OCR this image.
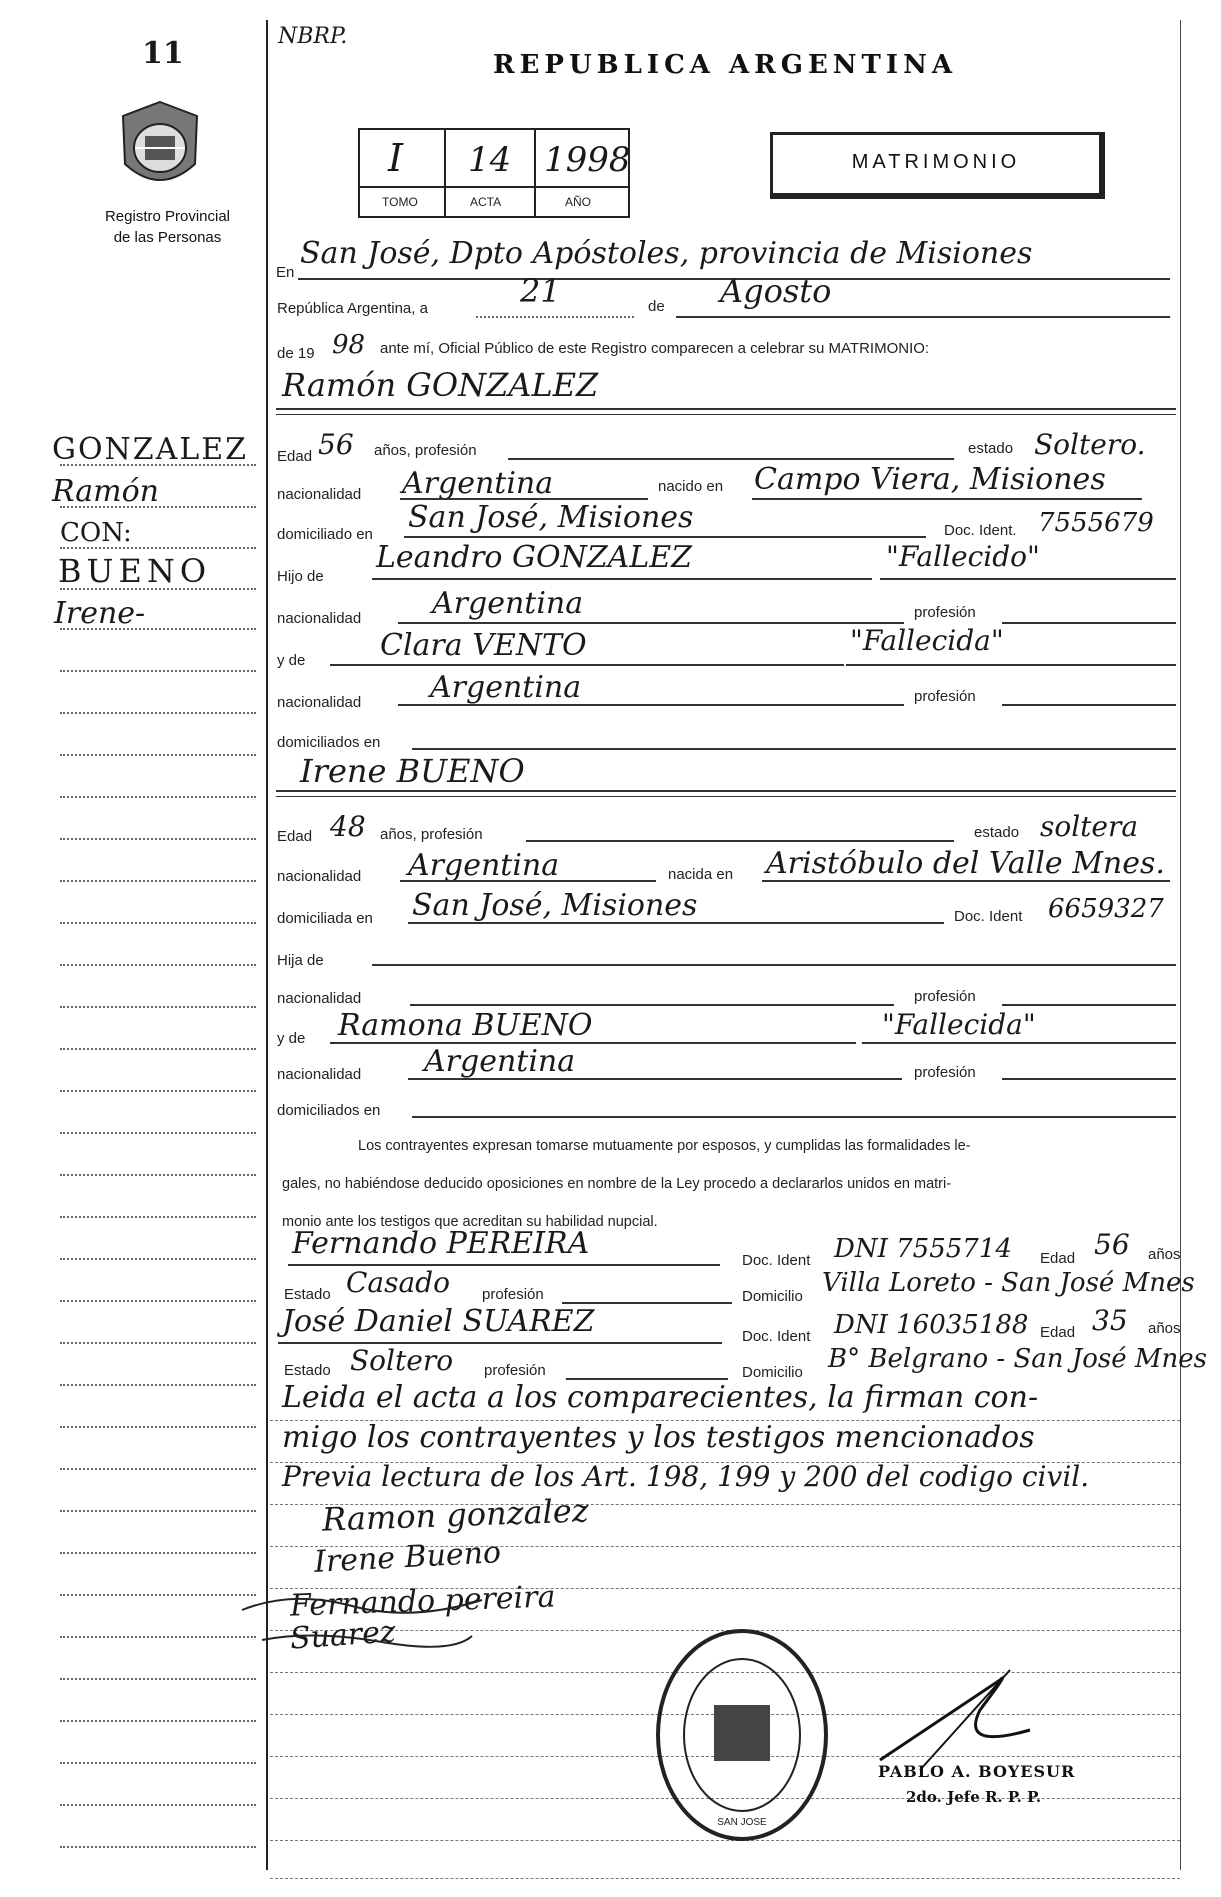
11	NBRP.
Registro Provincial
de las Personas
REPUBLICA ARGENTINA
I 14 1998
TOMO	ACTA	AÑO
MATRIMONIO
GONZALEZ
Ramón
CON:
BUENO
Irene-
En
San José, Dpto Apóstoles, provincia de Misiones
República Argentina, a	21	de Agosto
de 19 98 ante mí, Oficial Público de este Registro comparecen a celebrar su MATRIMONIO:
Ramón GONZALEZ
Edad 56 años, profesión	estado Soltero.
nacionalidad Argentina	nacido en Campo Viera, Misiones
domiciliado en San José, Misiones	Doc. Ident. 7555679
Hijo de
Leandro GONZALEZ	"Fallecido"
nacionalidad Argentina	profesión
y de Clara VENTO	"Fallecida"
nacionalidad Argentina	profesión
domiciliados en
Irene BUENO
Edad 48 años, profesión	estado soltera
nacionalidad Argentina	nacida en Aristóbulo del Valle Mnes.
domiciliada en San José, Misiones	Doc. Ident 6659327
Hija de
nacionalidad	profesión
y de Ramona BUENO	"Fallecida"
nacionalidad Argentina	profesión
domiciliados en
Los contrayentes expresan tomarse mutuamente por esposos, y cumplidas las formalidades le-
gales, no habiéndose deducido oposiciones en nombre de la Ley procedo a declararlos unidos en matri-
monio ante los testigos que acreditan su habilidad nupcial.
Fernando PEREIRA	Doc. Ident DNI 7555714 Edad 56 años
Estado Casado profesión	Domicilio Villa Loreto - San José Mnes
José Daniel SUAREZ	Doc. Ident DNI 16035188 Edad 35 años
Estado Soltero profesión	Domicilio B° Belgrano - San José Mnes
Leida el acta a los comparecientes, la firman con-
migo los contrayentes y los testigos mencionados
Previa lectura de los Art. 198, 199 y 200 del codigo civil.
Ramon gonzalez
Irene Bueno
Fernando pereira
Suarez
SAN JOSE
PABLO A. BOYESUR
2do. Jefe R. P. P.
